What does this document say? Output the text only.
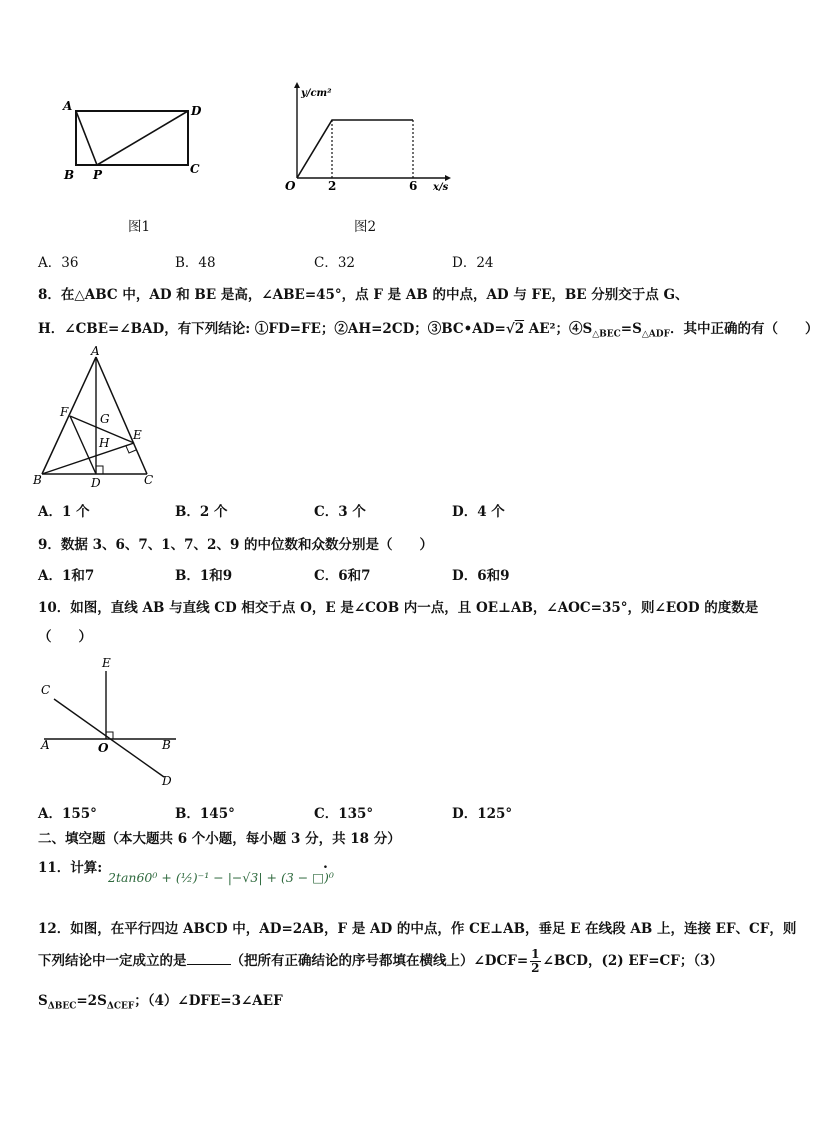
A	D
B P	C
图1
y/cm²
O	2	6 x/s
图2
A．36	B．48	C．32	D．24
8．在△ABC 中，AD 和 BE 是高，∠ABE=45°，点 F 是 AB 的中点，AD 与 FE，BE 分别交于点 G、
H．∠CBE=∠BAD，有下列结论: ①FD=FE；②AH=2CD；③BC•AD=√2 AE²；$④S_{\triangle BEC}=S_{\triangle ADF}$．其中正确的有（　　）
A
F	G
E
H
B	D	C
A．1 个	B．2 个	C．3 个	D．4 个
9．数据 3、6、7、1、7、2、9 的中位数和众数分别是（　　）
A．1和7	B．1和9	C．6和7	D．6和9
10．如图，直线 AB 与直线 CD 相交于点 O，E 是∠COB 内一点，且 OE⊥AB，∠AOC=35°，则∠EOD 的度数是
（　　）
E
C
A	O	B
D
A．155°	B．145°	C．135°	D．125°
二、填空题（本大题共 6 个小题，每小题 3 分，共 18 分）
11．计算:
2tan60⁰ + (½)⁻¹ − |−√3| + (3 − □)⁰
.
12．如图，在平行四边 ABCD 中，AD=2AB，F 是 AD 的中点，作 CE⊥AB，垂足 E 在线段 AB 上，连接 EF、CF，则
下列结论中一定成立的是	（把所有正确结论的序号都填在横线上）∠DCF= $\frac{1}{2}$ ∠BCD，(2) EF=CF；（3）
$S_{\Delta BEC}=2S_{\Delta CEF}$；（4）∠DFE=3∠AEF
